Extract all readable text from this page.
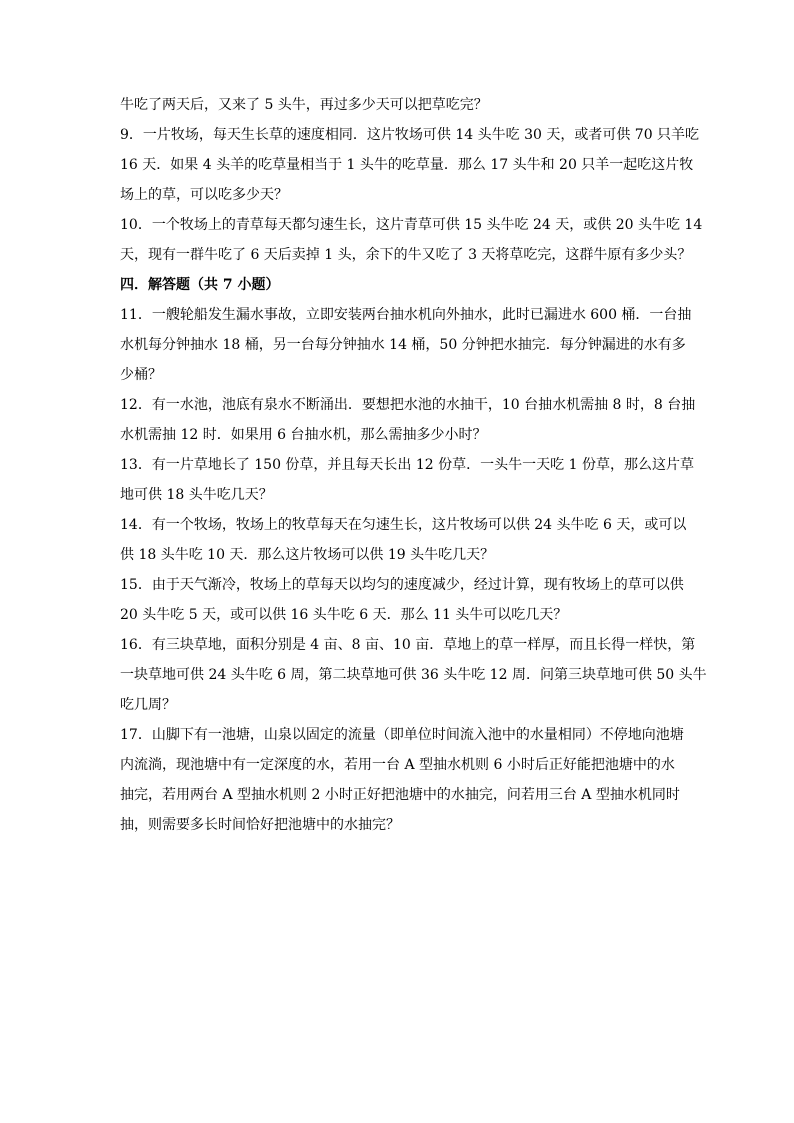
牛吃了两天后，又来了 5 头牛，再过多少天可以把草吃完？
9．一片牧场，每天生长草的速度相同．这片牧场可供 14 头牛吃 30 天，或者可供 70 只羊吃
16 天．如果 4 头羊的吃草量相当于 1 头牛的吃草量．那么 17 头牛和 20 只羊一起吃这片牧
场上的草，可以吃多少天？
10．一个牧场上的青草每天都匀速生长，这片青草可供 15 头牛吃 24 天，或供 20 头牛吃 14
天，现有一群牛吃了 6 天后卖掉 1 头，余下的牛又吃了 3 天将草吃完，这群牛原有多少头？
四．解答题（共 7 小题）
11．一艘轮船发生漏水事故，立即安装两台抽水机向外抽水，此时已漏进水 600 桶．一台抽
水机每分钟抽水 18 桶，另一台每分钟抽水 14 桶，50 分钟把水抽完．每分钟漏进的水有多
少桶？
12．有一水池，池底有泉水不断涌出．要想把水池的水抽干，10 台抽水机需抽 8 时，8 台抽
水机需抽 12 时．如果用 6 台抽水机，那么需抽多少小时？
13．有一片草地长了 150 份草，并且每天长出 12 份草．一头牛一天吃 1 份草，那么这片草
地可供 18 头牛吃几天？
14．有一个牧场，牧场上的牧草每天在匀速生长，这片牧场可以供 24 头牛吃 6 天，或可以
供 18 头牛吃 10 天．那么这片牧场可以供 19 头牛吃几天？
15．由于天气渐冷，牧场上的草每天以均匀的速度减少，经过计算，现有牧场上的草可以供
20 头牛吃 5 天，或可以供 16 头牛吃 6 天．那么 11 头牛可以吃几天？
16．有三块草地，面积分别是 4 亩、8 亩、10 亩．草地上的草一样厚，而且长得一样快，第
一块草地可供 24 头牛吃 6 周，第二块草地可供 36 头牛吃 12 周．问第三块草地可供 50 头牛
吃几周？
17．山脚下有一池塘，山泉以固定的流量（即单位时间流入池中的水量相同）不停地向池塘
内流淌，现池塘中有一定深度的水，若用一台 A 型抽水机则 6 小时后正好能把池塘中的水
抽完，若用两台 A 型抽水机则 2 小时正好把池塘中的水抽完，问若用三台 A 型抽水机同时
抽，则需要多长时间恰好把池塘中的水抽完？
